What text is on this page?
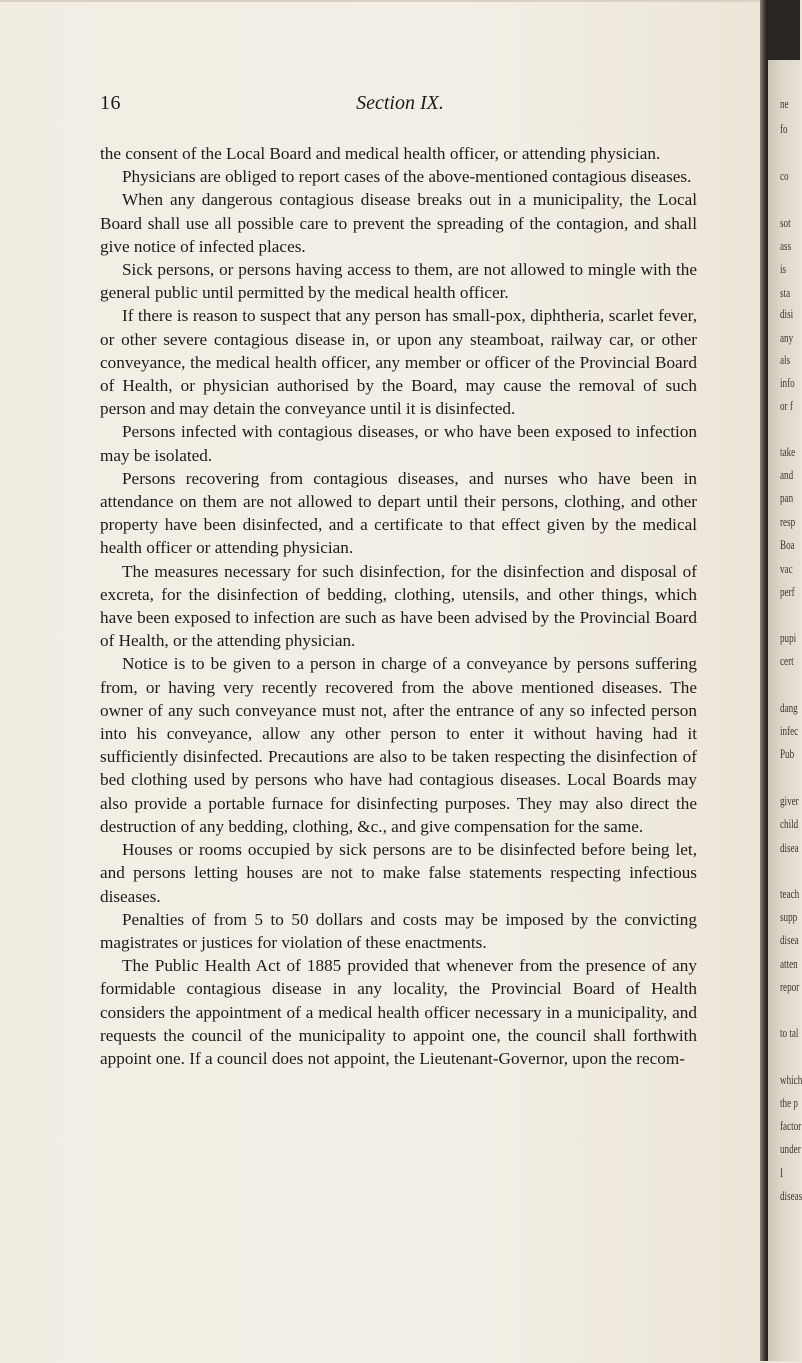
16	Section IX.

the consent of the Local Board and medical health officer, or attending physician.

Physicians are obliged to report cases of the above-mentioned contagious diseases.

When any dangerous contagious disease breaks out in a municipality, the Local Board shall use all possible care to prevent the spreading of the contagion, and shall give notice of infected places.

Sick persons, or persons having access to them, are not allowed to mingle with the general public until permitted by the medical health officer.

If there is reason to suspect that any person has small-pox, diphtheria, scarlet fever, or other severe contagious disease in, or upon any steamboat, railway car, or other conveyance, the medical health officer, any member or officer of the Provincial Board of Health, or physician authorised by the Board, may cause the removal of such person and may detain the conveyance until it is disinfected.

Persons infected with contagious diseases, or who have been exposed to infection may be isolated.

Persons recovering from contagious diseases, and nurses who have been in attendance on them are not allowed to depart until their persons, clothing, and other property have been disinfected, and a certificate to that effect given by the medical health officer or attending physician.

The measures necessary for such disinfection, for the disinfection and disposal of excreta, for the disinfection of bedding, clothing, utensils, and other things, which have been exposed to infection are such as have been advised by the Provincial Board of Health, or the attending physician.

Notice is to be given to a person in charge of a conveyance by persons suffering from, or having very recently recovered from the above mentioned diseases. The owner of any such conveyance must not, after the entrance of any so infected person into his conveyance, allow any other person to enter it without having had it sufficiently disinfected. Precautions are also to be taken respecting the disinfection of bed clothing used by persons who have had contagious diseases. Local Boards may also provide a portable furnace for disinfecting purposes. They may also direct the destruction of any bedding, clothing, &c., and give compensation for the same.

Houses or rooms occupied by sick persons are to be disinfected before being let, and persons letting houses are not to make false statements respecting infectious diseases.

Penalties of from 5 to 50 dollars and costs may be imposed by the convicting magistrates or justices for violation of these enactments.

The Public Health Act of 1885 provided that whenever from the presence of any formidable contagious disease in any locality, the Provincial Board of Health considers the appointment of a medical health officer necessary in a municipality, and requests the council of the municipality to appoint one, the council shall forthwith appoint one. If a council does not appoint, the Lieutenant-Governor, upon the recom-

ne
fo
co
sot
ass
is
sta
disi
any
als
info
or f
take
and
pan
resp
Boa
vac
perf
pupi
cert
dang
infec
Pub
giver
child
disea
teach
supp
disea
atten
repor
to tal
which
the p
factor
under
I
diseas
